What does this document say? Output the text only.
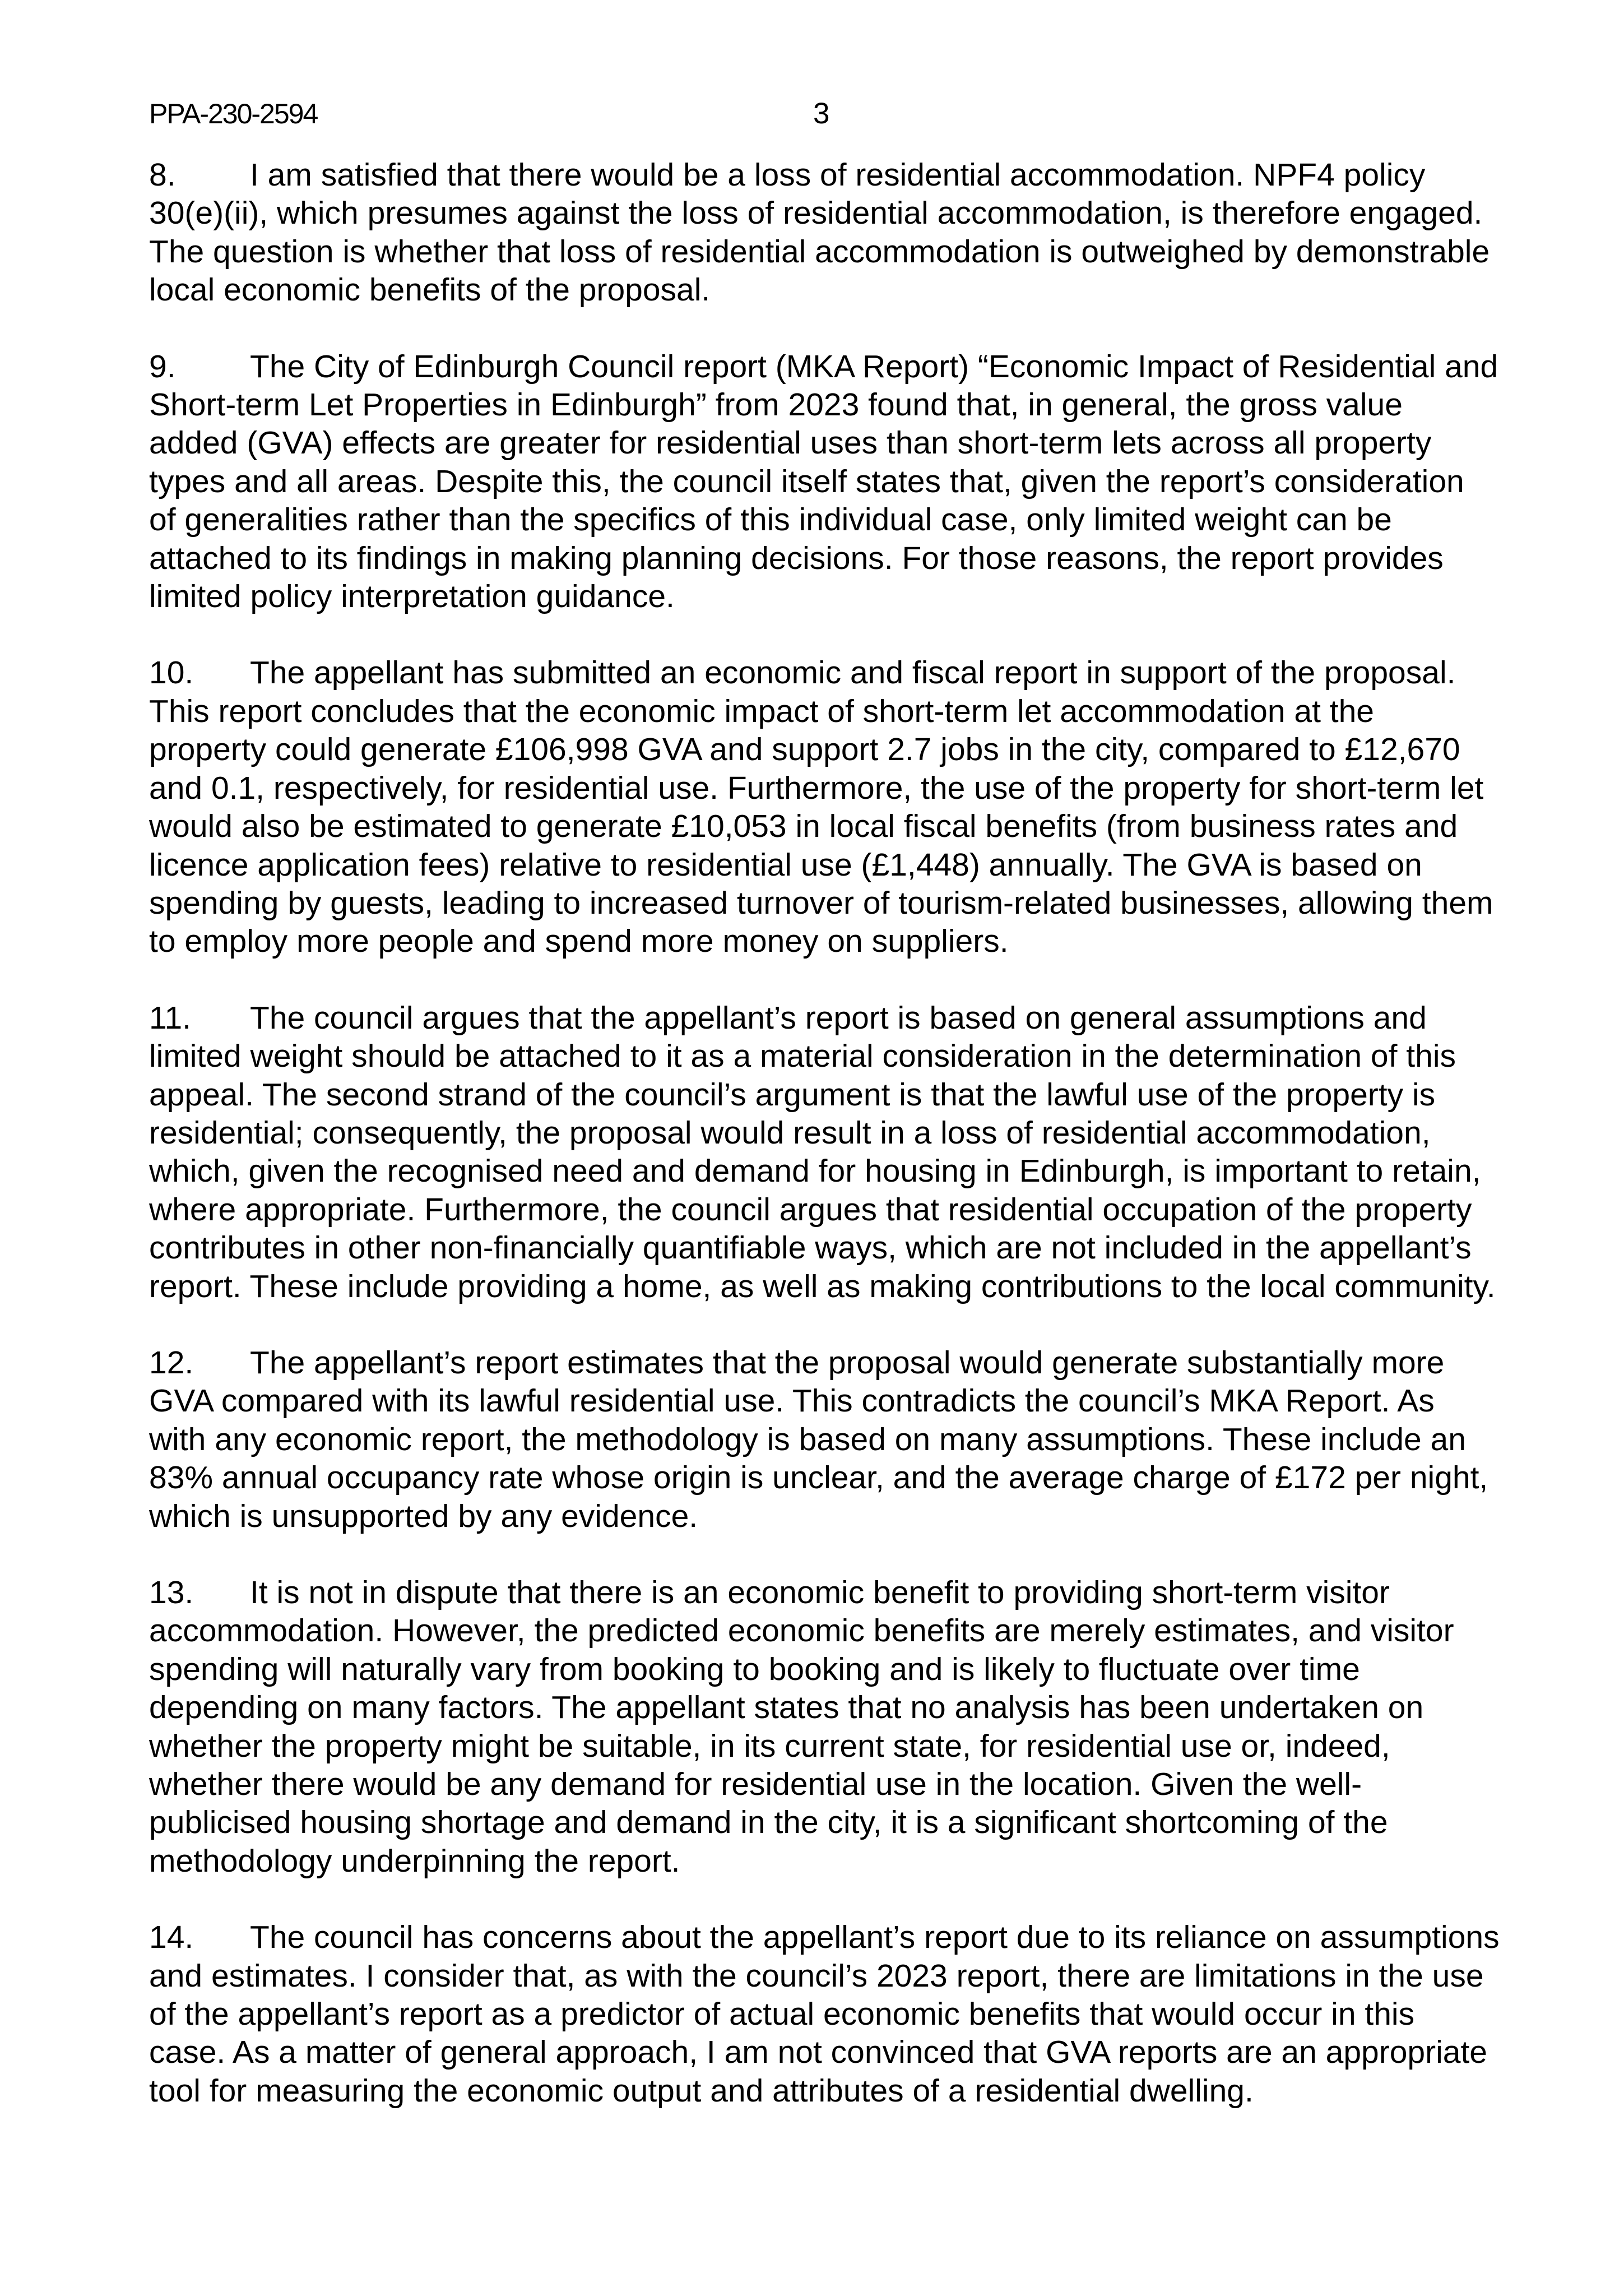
PPA-230-2594	3

8. I am satisfied that there would be a loss of residential accommodation. NPF4 policy 30(e)(ii), which presumes against the loss of residential accommodation, is therefore engaged. The question is whether that loss of residential accommodation is outweighed by demonstrable local economic benefits of the proposal.

9. The City of Edinburgh Council report (MKA Report) “Economic Impact of Residential and Short-term Let Properties in Edinburgh” from 2023 found that, in general, the gross value added (GVA) effects are greater for residential uses than short-term lets across all property types and all areas. Despite this, the council itself states that, given the report’s consideration of generalities rather than the specifics of this individual case, only limited weight can be attached to its findings in making planning decisions. For those reasons, the report provides limited policy interpretation guidance.

10. The appellant has submitted an economic and fiscal report in support of the proposal. This report concludes that the economic impact of short-term let accommodation at the property could generate £106,998 GVA and support 2.7 jobs in the city, compared to £12,670 and 0.1, respectively, for residential use. Furthermore, the use of the property for short-term let would also be estimated to generate £10,053 in local fiscal benefits (from business rates and licence application fees) relative to residential use (£1,448) annually. The GVA is based on spending by guests, leading to increased turnover of tourism-related businesses, allowing them to employ more people and spend more money on suppliers.

11. The council argues that the appellant’s report is based on general assumptions and limited weight should be attached to it as a material consideration in the determination of this appeal. The second strand of the council’s argument is that the lawful use of the property is residential; consequently, the proposal would result in a loss of residential accommodation, which, given the recognised need and demand for housing in Edinburgh, is important to retain, where appropriate. Furthermore, the council argues that residential occupation of the property contributes in other non-financially quantifiable ways, which are not included in the appellant’s report. These include providing a home, as well as making contributions to the local community.

12. The appellant’s report estimates that the proposal would generate substantially more GVA compared with its lawful residential use. This contradicts the council’s MKA Report. As with any economic report, the methodology is based on many assumptions. These include an 83% annual occupancy rate whose origin is unclear, and the average charge of £172 per night, which is unsupported by any evidence.

13. It is not in dispute that there is an economic benefit to providing short-term visitor accommodation. However, the predicted economic benefits are merely estimates, and visitor spending will naturally vary from booking to booking and is likely to fluctuate over time depending on many factors. The appellant states that no analysis has been undertaken on whether the property might be suitable, in its current state, for residential use or, indeed, whether there would be any demand for residential use in the location. Given the well-publicised housing shortage and demand in the city, it is a significant shortcoming of the methodology underpinning the report.

14. The council has concerns about the appellant’s report due to its reliance on assumptions and estimates. I consider that, as with the council’s 2023 report, there are limitations in the use of the appellant’s report as a predictor of actual economic benefits that would occur in this case. As a matter of general approach, I am not convinced that GVA reports are an appropriate tool for measuring the economic output and attributes of a residential dwelling.
